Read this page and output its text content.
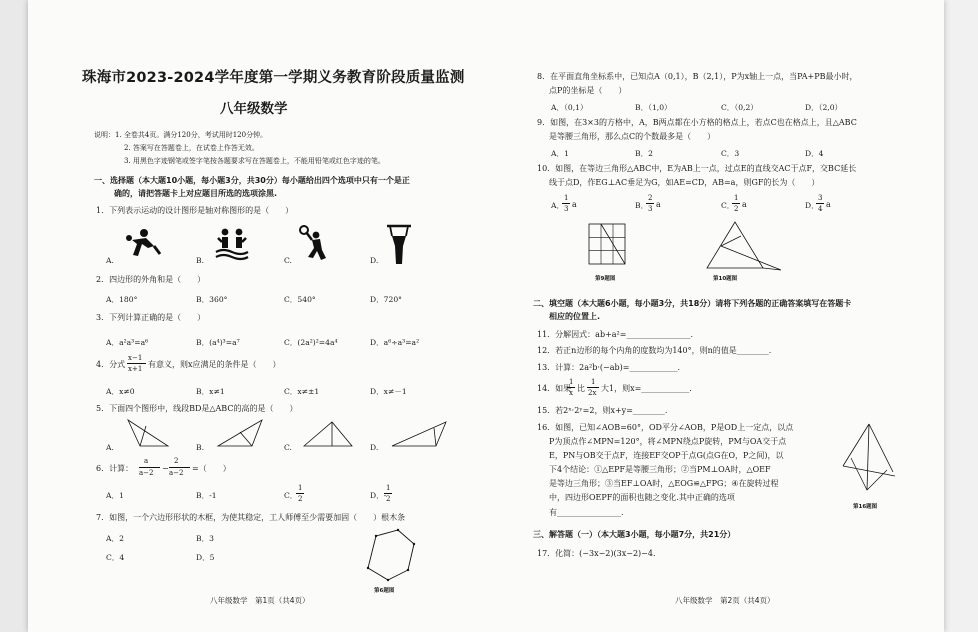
珠海市2023-2024学年度第一学期义务教育阶段质量监测
八年级数学
说明：1. 全卷共4页。满分120分，考试用时120分钟。
2. 答案写在答题卷上，在试卷上作答无效。
3. 用黑色字迹钢笔或签字笔按各题要求写在答题卷上，不能用铅笔或红色字迹的笔。
一、选择题（本大题10小题，每小题3分，共30分）每小题给出四个选项中只有一个是正
确的，请把答题卡上对应题目所选的选项涂黑.
1．下列表示运动的设计图形是轴对称图形的是（　　）
A.	B.	C.	D.
2．四边形的外角和是（　　）
A．180°	B．360°	C．540°	D．720°
3．下列计算正确的是（　　）
A．a²a³=a⁶	B．(a⁴)³=a⁷	C．(2a²)²=4a⁴	D．a⁶÷a³=a²
4．分式
x−1
x+1 有意义，则x应满足的条件是（　　）
A．x≠0	B．x≠1	C．x≠±1	D．x≠－1
5．下面四个图形中，线段BD是△ABC的高的是（　　）
A.	B.	C.	D.
6．计算：
a
a−2 −
2
a−2 =（　　）
A．1	B．-1	C．
1
2	D．-
1
2
7．如图，一个六边形形状的木框，为使其稳定，工人师傅至少需要加固（　　）根木条
A．2	B．3
C．4	D．5
第6题图
八年级数学　第1页（共4页）
8．在平面直角坐标系中，已知点A（0,1），B（2,1），P为x轴上一点，当PA+PB最小时，
点P的坐标是（　　）
A．（0,1）	B．（1,0）	C．（0,2）	D．（2,0）
9．如图，在3×3的方格中，A，B两点都在小方格的格点上，若点C也在格点上，且△ABC
是等腰三角形，那么点C的个数最多是（　　）
A．1	B．2	C．3	D．4
10．如图，在等边三角形△ABC中，E为AB上一点，过点E的直线交AC于点F，交BC延长
线于点D，作EG⊥AC垂足为G，如AE=CD，AB=a，则GF的长为（　　）
A．
1
3 a	B．
2
3 a	C．
1
2 a	D．
3
4 a
第9题图	第10题图
二、填空题（本大题6小题，每小题3分，共18分）请将下列各题的正确答案填写在答题卡
相应的位置上.
11．分解因式：ab+a²=________________.
12．若正n边形的每个内角的度数均为140°，则n的值是________.
13．计算：2a²b·(−ab)=____________.
14．如果
1
x 比
1
2x 大1，则x=____________.
15．若2ˣ·2ʸ=2，则x+y=________.
16．如图，已知∠AOB=60°，OD平分∠AOB，P是OD上一定点，以点
P为顶点作∠MPN=120°，将∠MPN绕点P旋转，PM与OA交于点
E，PN与OB交于点F，连接EF交OP于点G(点G在O，P之间)，以
下4个结论：①△EPF是等腰三角形；②当PM⊥OA时，△OEF
是等边三角形；③当EF⊥OA时，△EOG≌△FPG；④在旋转过程
中，四边形OEPF的面积也随之变化.其中正确的选项
有________________.
第16题图
三、解答题（一）（本大题3小题，每小题7分，共21分）
17．化简：(−3x−2)(3x−2)−4.
八年级数学　第2页（共4页）
